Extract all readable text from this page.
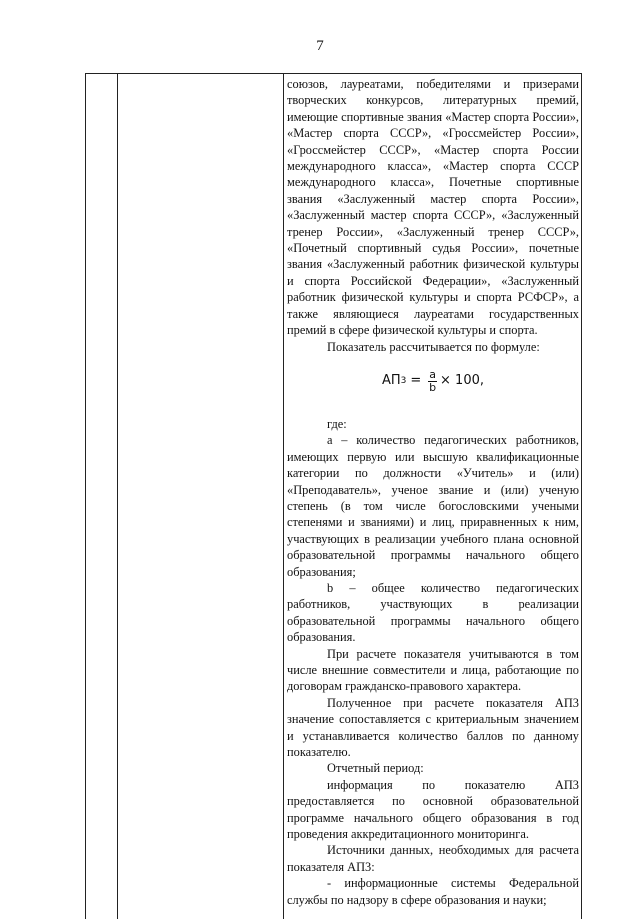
7

союзов, лауреатами, победителями и призерами творческих конкурсов, литературных премий, имеющие спортивные звания «Мастер спорта России», «Мастер спорта СССР», «Гроссмейстер России», «Гроссмейстер СССР», «Мастер спорта России международного класса», «Мастер спорта СССР международного класса», Почетные спортивные звания «Заслуженный мастер спорта России», «Заслуженный мастер спорта СССР», «Заслуженный тренер России», «Заслуженный тренер СССР», «Почетный спортивный судья России», почетные звания «Заслуженный работник физической культуры и спорта Российской Федерации», «Заслуженный работник физической культуры и спорта РСФСР», а также являющиеся лауреатами государственных премий в сфере физической культуры и спорта.

Показатель рассчитывается по формуле:

АП $3 = \frac{a}{b} \times 100$,

где:

a – количество педагогических работников, имеющих первую или высшую квалификационные категории по должности «Учитель» и (или) «Преподаватель», ученое звание и (или) ученую степень (в том числе богословскими учеными степенями и званиями) и лиц, приравненных к ним, участвующих в реализации учебного плана основной образовательной программы начального общего образования;

b – общее количество педагогических работников, участвующих в реализации образовательной программы начального общего образования.

При расчете показателя учитываются в том числе внешние совместители и лица, работающие по договорам гражданско-правового характера.

Полученное при расчете показателя АП3 значение сопоставляется с критериальным значением и устанавливается количество баллов по данному показателю.

Отчетный период:

информация по показателю АП3 предоставляется по основной образовательной программе начального общего образования в год проведения аккредитационного мониторинга.

Источники данных, необходимых для расчета показателя АП3:

- информационные системы Федеральной службы по надзору в сфере образования и науки;
